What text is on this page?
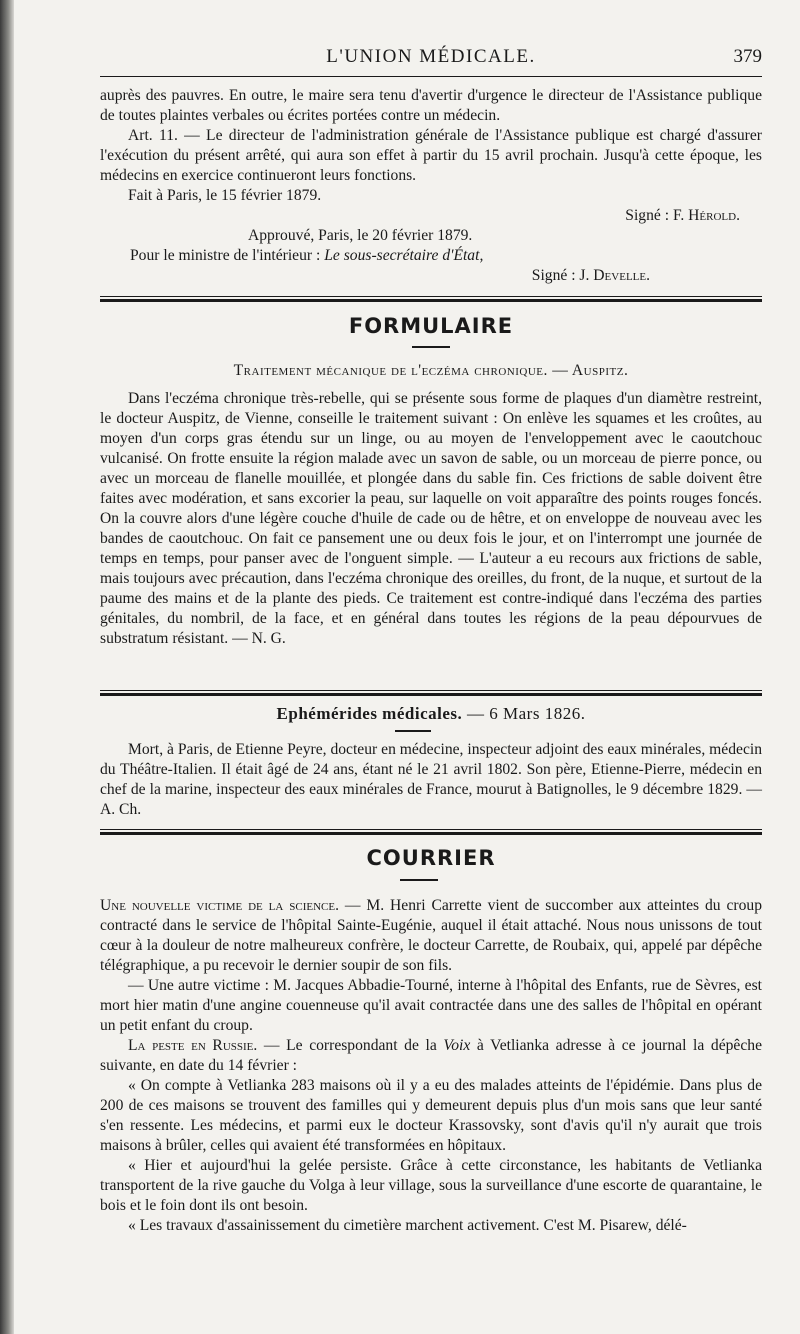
L'UNION MÉDICALE.	379

auprès des pauvres. En outre, le maire sera tenu d'avertir d'urgence le directeur de l'Assistance publique de toutes plaintes verbales ou écrites portées contre un médecin.

Art. 11. — Le directeur de l'administration générale de l'Assistance publique est chargé d'assurer l'exécution du présent arrêté, qui aura son effet à partir du 15 avril prochain. Jusqu'à cette époque, les médecins en exercice continueront leurs fonctions.

Fait à Paris, le 15 février 1879.

Signé : F. Hérold.

Approuvé, Paris, le 20 février 1879.

Pour le ministre de l'intérieur : Le sous-secrétaire d'État,

Signé : J. Develle.

FORMULAIRE
Traitement mécanique de l'eczéma chronique. — Auspitz.

Dans l'eczéma chronique très-rebelle, qui se présente sous forme de plaques d'un diamètre restreint, le docteur Auspitz, de Vienne, conseille le traitement suivant : On enlève les squames et les croûtes, au moyen d'un corps gras étendu sur un linge, ou au moyen de l'enveloppement avec le caoutchouc vulcanisé. On frotte ensuite la région malade avec un savon de sable, ou un morceau de pierre ponce, ou avec un morceau de flanelle mouillée, et plongée dans du sable fin. Ces frictions de sable doivent être faites avec modération, et sans excorier la peau, sur laquelle on voit apparaître des points rouges foncés. On la couvre alors d'une légère couche d'huile de cade ou de hêtre, et on enveloppe de nouveau avec les bandes de caoutchouc. On fait ce pansement une ou deux fois le jour, et on l'interrompt une journée de temps en temps, pour panser avec de l'onguent simple. — L'auteur a eu recours aux frictions de sable, mais toujours avec précaution, dans l'eczéma chronique des oreilles, du front, de la nuque, et surtout de la paume des mains et de la plante des pieds. Ce traitement est contre-indiqué dans l'eczéma des parties génitales, du nombril, de la face, et en général dans toutes les régions de la peau dépourvues de substratum résistant. — N. G.

Ephémérides médicales. — 6 Mars 1826.

Mort, à Paris, de Etienne Peyre, docteur en médecine, inspecteur adjoint des eaux minérales, médecin du Théâtre-Italien. Il était âgé de 24 ans, étant né le 21 avril 1802. Son père, Etienne-Pierre, médecin en chef de la marine, inspecteur des eaux minérales de France, mourut à Batignolles, le 9 décembre 1829. — A. Ch.

COURRIER

Une nouvelle victime de la science. — M. Henri Carrette vient de succomber aux atteintes du croup contracté dans le service de l'hôpital Sainte-Eugénie, auquel il était attaché. Nous nous unissons de tout cœur à la douleur de notre malheureux confrère, le docteur Carrette, de Roubaix, qui, appelé par dépêche télégraphique, a pu recevoir le dernier soupir de son fils.

— Une autre victime : M. Jacques Abbadie-Tourné, interne à l'hôpital des Enfants, rue de Sèvres, est mort hier matin d'une angine couenneuse qu'il avait contractée dans une des salles de l'hôpital en opérant un petit enfant du croup.

La peste en Russie. — Le correspondant de la Voix à Vetlianka adresse à ce journal la dépêche suivante, en date du 14 février :

« On compte à Vetlianka 283 maisons où il y a eu des malades atteints de l'épidémie. Dans plus de 200 de ces maisons se trouvent des familles qui y demeurent depuis plus d'un mois sans que leur santé s'en ressente. Les médecins, et parmi eux le docteur Krassovsky, sont d'avis qu'il n'y aurait que trois maisons à brûler, celles qui avaient été transformées en hôpitaux.

« Hier et aujourd'hui la gelée persiste. Grâce à cette circonstance, les habitants de Vetlianka transportent de la rive gauche du Volga à leur village, sous la surveillance d'une escorte de quarantaine, le bois et le foin dont ils ont besoin.

« Les travaux d'assainissement du cimetière marchent activement. C'est M. Pisarew, délé-
